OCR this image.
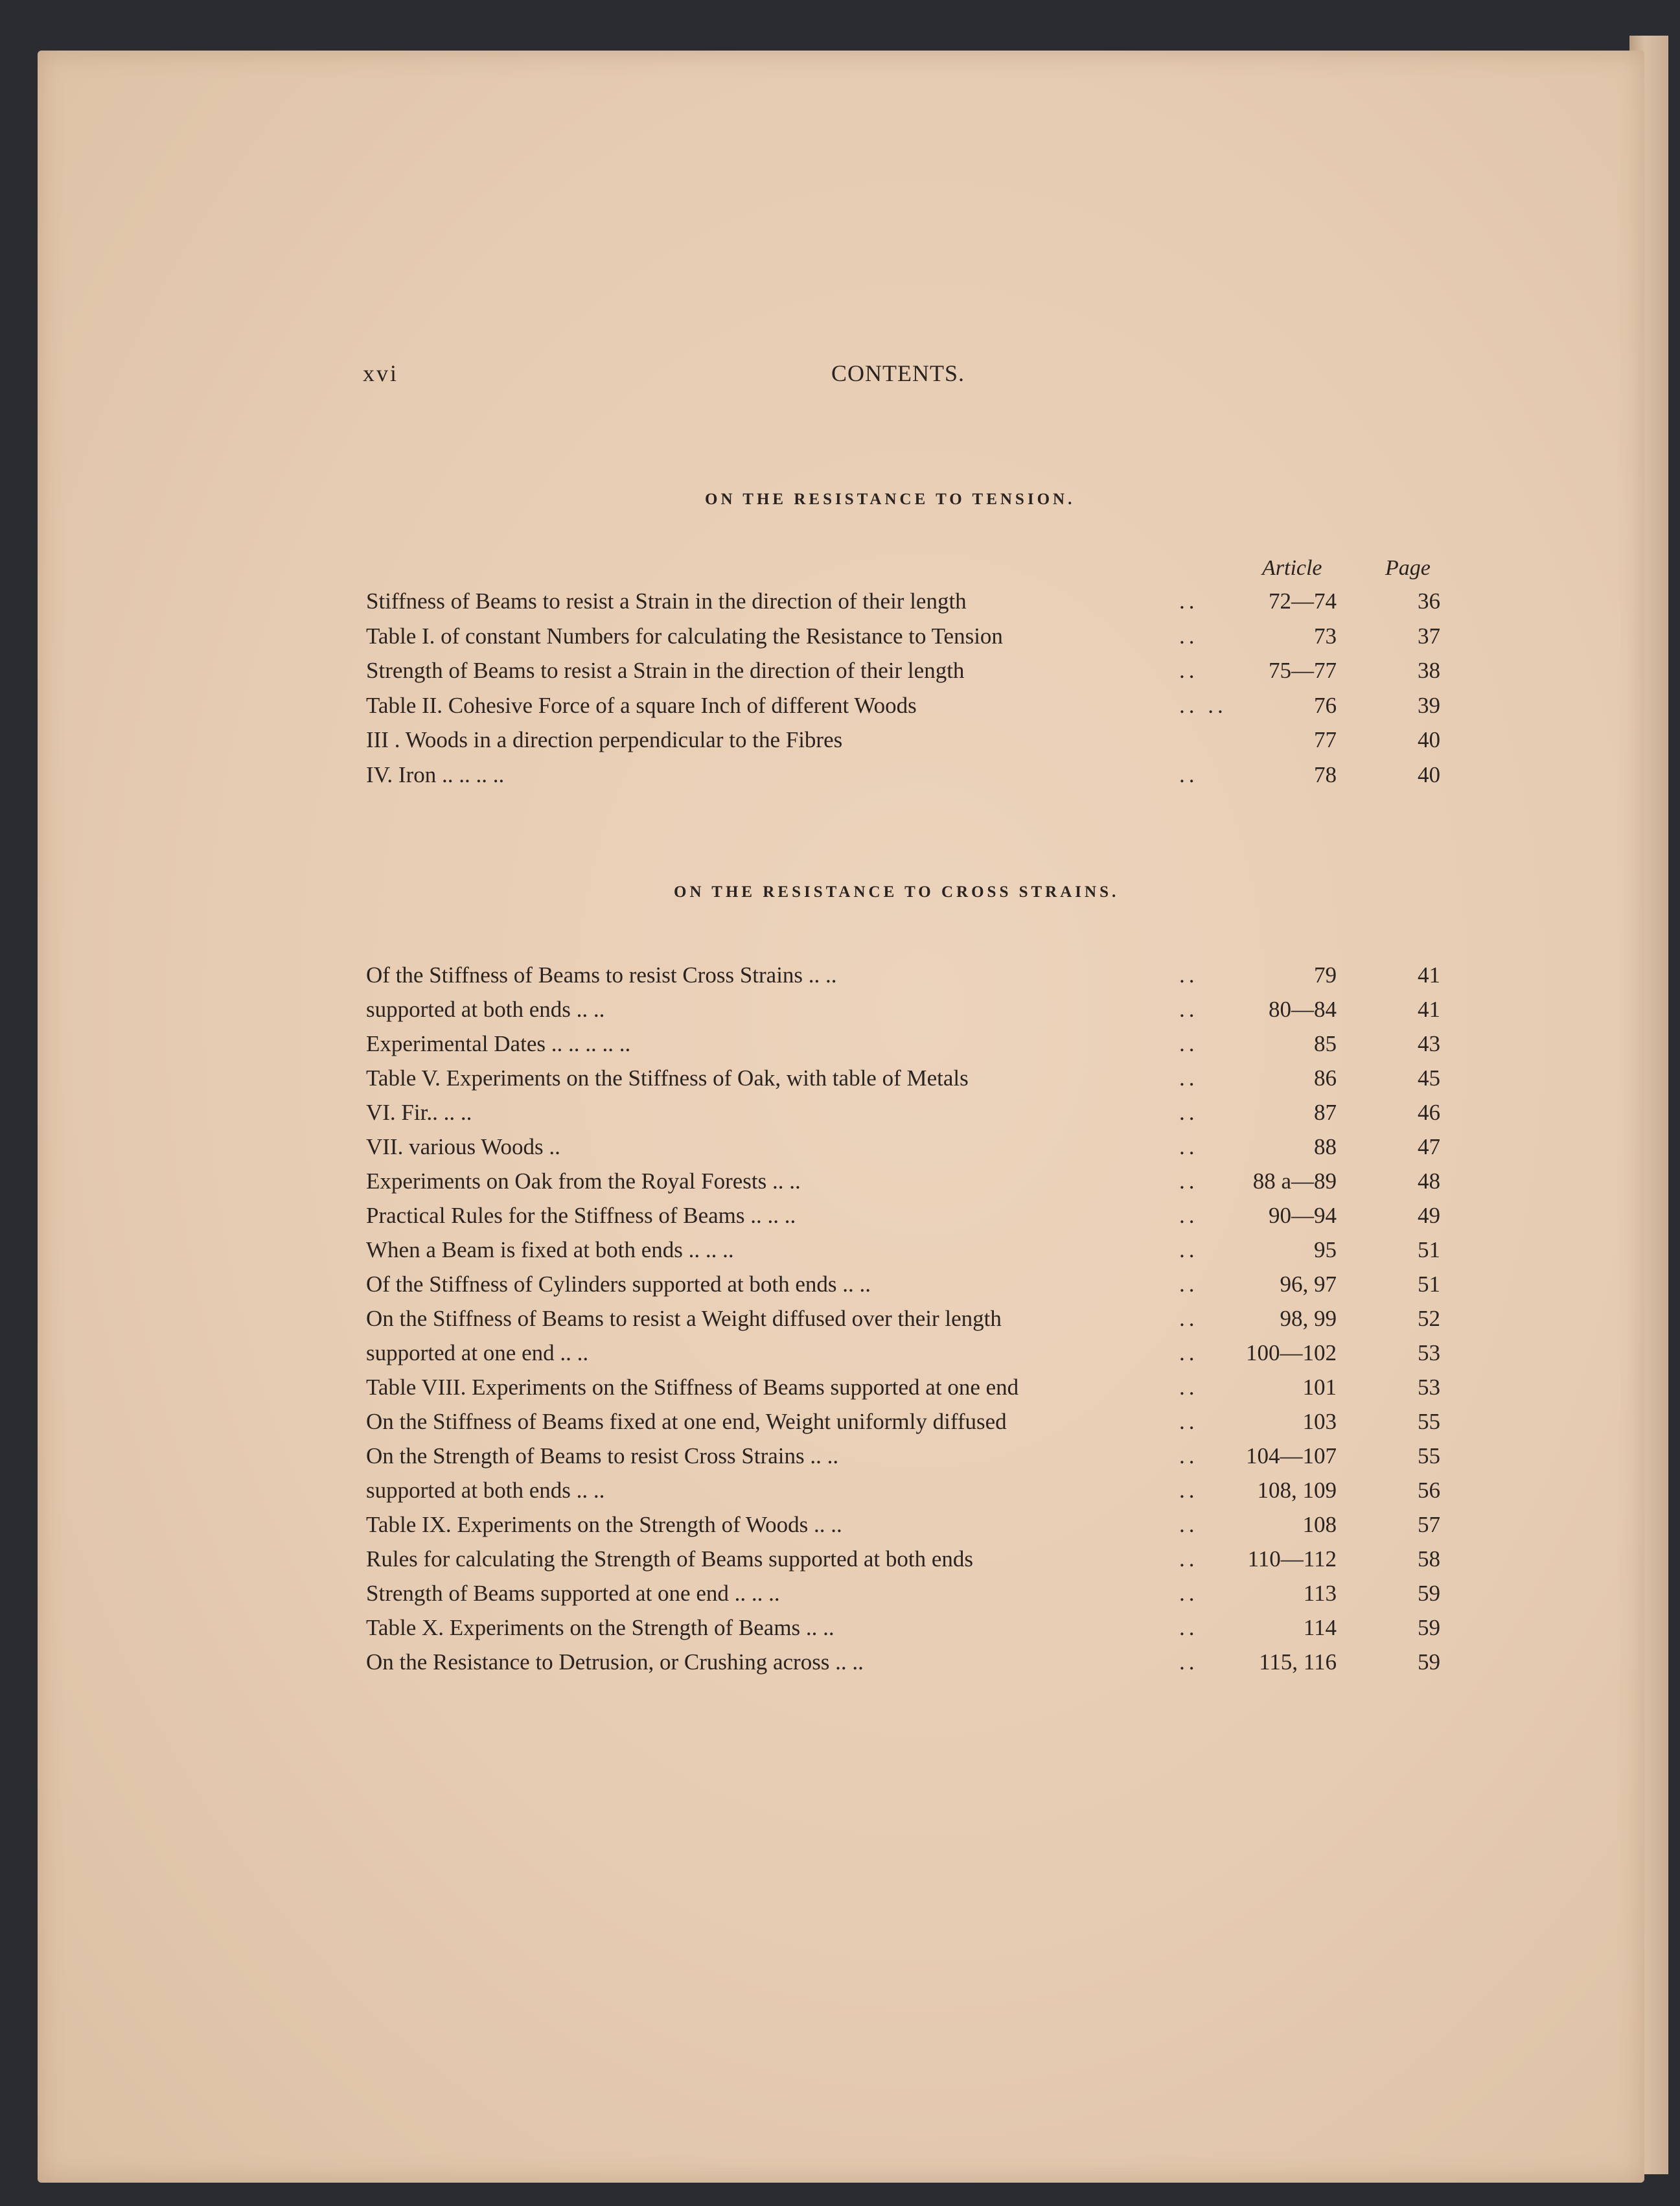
xvi	CONTENTS.
ON THE RESISTANCE TO TENSION.
Article	Page
Stiffness of Beams to resist a Strain in the direction of their length	..	72—74	36
Table I. of constant Numbers for calculating the Resistance to Tension	..	73	37
Strength of Beams to resist a Strain in the direction of their length	..	75—77	38
Table II. Cohesive Force of a square Inch of different Woods	.. ..	76	39
III . Woods in a direction perpendicular to the Fibres	77	40
IV. Iron .. .. .. ..	..	78	40
ON THE RESISTANCE TO CROSS STRAINS.
Of the Stiffness of Beams to resist Cross Strains .. ..	..	79	41
supported at both ends .. ..	..	80—84	41
Experimental Dates .. .. .. .. ..	..	85	43
Table V. Experiments on the Stiffness of Oak, with table of Metals	..	86	45
VI. Fir.. .. ..	..	87	46
VII. various Woods ..	..	88	47
Experiments on Oak from the Royal Forests .. ..	..	88 a—89	48
Practical Rules for the Stiffness of Beams .. .. ..	..	90—94	49
When a Beam is fixed at both ends .. .. ..	..	95	51
Of the Stiffness of Cylinders supported at both ends .. ..	..	96, 97	51
On the Stiffness of Beams to resist a Weight diffused over their length	..	98, 99	52
supported at one end .. ..	..	100—102	53
Table VIII. Experiments on the Stiffness of Beams supported at one end	..	101	53
On the Stiffness of Beams fixed at one end, Weight uniformly diffused	..	103	55
On the Strength of Beams to resist Cross Strains .. ..	..	104—107	55
supported at both ends .. ..	..	108, 109	56
Table IX. Experiments on the Strength of Woods .. ..	..	108	57
Rules for calculating the Strength of Beams supported at both ends	..	110—112	58
Strength of Beams supported at one end .. .. ..	..	113	59
Table X. Experiments on the Strength of Beams .. ..	..	114	59
On the Resistance to Detrusion, or Crushing across .. ..	..	115, 116	59
